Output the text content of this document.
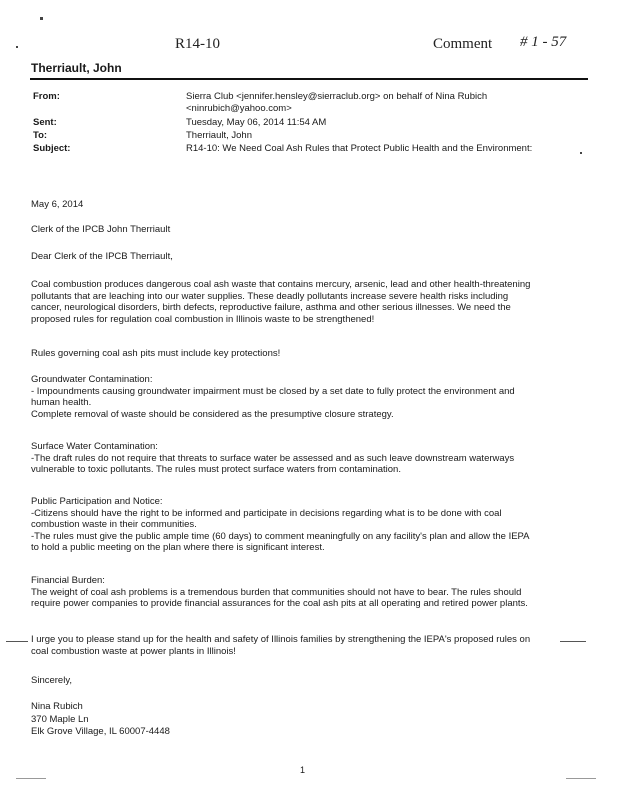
R14-10	Comment # 1 - 57
Therriault, John
From:	Sierra Club <jennifer.hensley@sierraclub.org> on behalf of Nina Rubich
<ninrubich@yahoo.com>
Sent:	Tuesday, May 06, 2014 11:54 AM
To:	Therriault, John
Subject:	R14-10: We Need Coal Ash Rules that Protect Public Health and the Environment:
May 6, 2014
Clerk of the IPCB John Therriault
Dear Clerk of the IPCB Therriault,
Coal combustion produces dangerous coal ash waste that contains mercury, arsenic, lead and other health-threatening
pollutants that are leaching into our water supplies. These deadly pollutants increase severe health risks including
cancer, neurological disorders, birth defects, reproductive failure, asthma and other serious illnesses. We need the
proposed rules for regulation coal combustion in Illinois waste to be strengthened!
Rules governing coal ash pits must include key protections!
Groundwater Contamination:
- Impoundments causing groundwater impairment must be closed by a set date to fully protect the environment and
human health.
Complete removal of waste should be considered as the presumptive closure strategy.
Surface Water Contamination:
-The draft rules do not require that threats to surface water be assessed and as such leave downstream waterways
vulnerable to toxic pollutants. The rules must protect surface waters from contamination.
Public Participation and Notice:
-Citizens should have the right to be informed and participate in decisions regarding what is to be done with coal
combustion waste in their communities.
-The rules must give the public ample time (60 days) to comment meaningfully on any facility's plan and allow the IEPA
to hold a public meeting on the plan where there is significant interest.
Financial Burden:
The weight of coal ash problems is a tremendous burden that communities should not have to bear. The rules should
require power companies to provide financial assurances for the coal ash pits at all operating and retired power plants.
I urge you to please stand up for the health and safety of Illinois families by strengthening the IEPA's proposed rules on
coal combustion waste at power plants in Illinois!
Sincerely,
Nina Rubich
370 Maple Ln
Elk Grove Village, IL 60007-4448
1
